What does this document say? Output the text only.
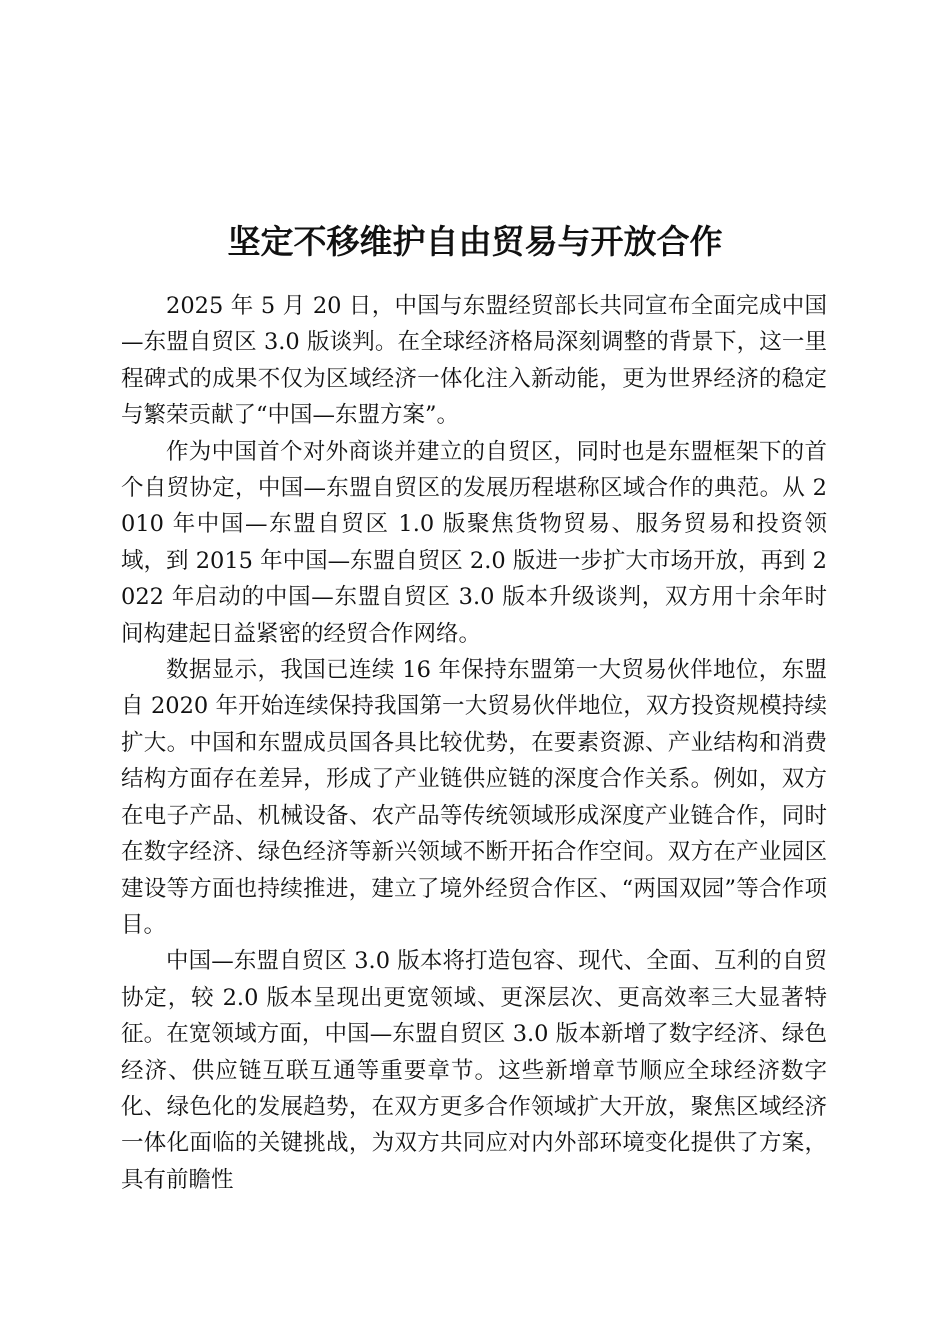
坚定不移维护自由贸易与开放合作

2025 年 5 月 20 日，中国与东盟经贸部长共同宣布全面完成中国—东盟自贸区 3.0 版谈判。在全球经济格局深刻调整的背景下，这一里程碑式的成果不仅为区域经济一体化注入新动能，更为世界经济的稳定与繁荣贡献了“中国—东盟方案”。

作为中国首个对外商谈并建立的自贸区，同时也是东盟框架下的首个自贸协定，中国—东盟自贸区的发展历程堪称区域合作的典范。从 2010 年中国—东盟自贸区 1.0 版聚焦货物贸易、服务贸易和投资领域，到 2015 年中国—东盟自贸区 2.0 版进一步扩大市场开放，再到 2022 年启动的中国—东盟自贸区 3.0 版本升级谈判，双方用十余年时间构建起日益紧密的经贸合作网络。

数据显示，我国已连续 16 年保持东盟第一大贸易伙伴地位，东盟自 2020 年开始连续保持我国第一大贸易伙伴地位，双方投资规模持续扩大。中国和东盟成员国各具比较优势，在要素资源、产业结构和消费结构方面存在差异，形成了产业链供应链的深度合作关系。例如，双方在电子产品、机械设备、农产品等传统领域形成深度产业链合作，同时在数字经济、绿色经济等新兴领域不断开拓合作空间。双方在产业园区建设等方面也持续推进，建立了境外经贸合作区、“两国双园”等合作项目。

中国—东盟自贸区 3.0 版本将打造包容、现代、全面、互利的自贸协定，较 2.0 版本呈现出更宽领域、更深层次、更高效率三大显著特征。在宽领域方面，中国—东盟自贸区 3.0 版本新增了数字经济、绿色经济、供应链互联互通等重要章节。这些新增章节顺应全球经济数字化、绿色化的发展趋势，在双方更多合作领域扩大开放，聚焦区域经济一体化面临的关键挑战，为双方共同应对内外部环境变化提供了方案，具有前瞻性
